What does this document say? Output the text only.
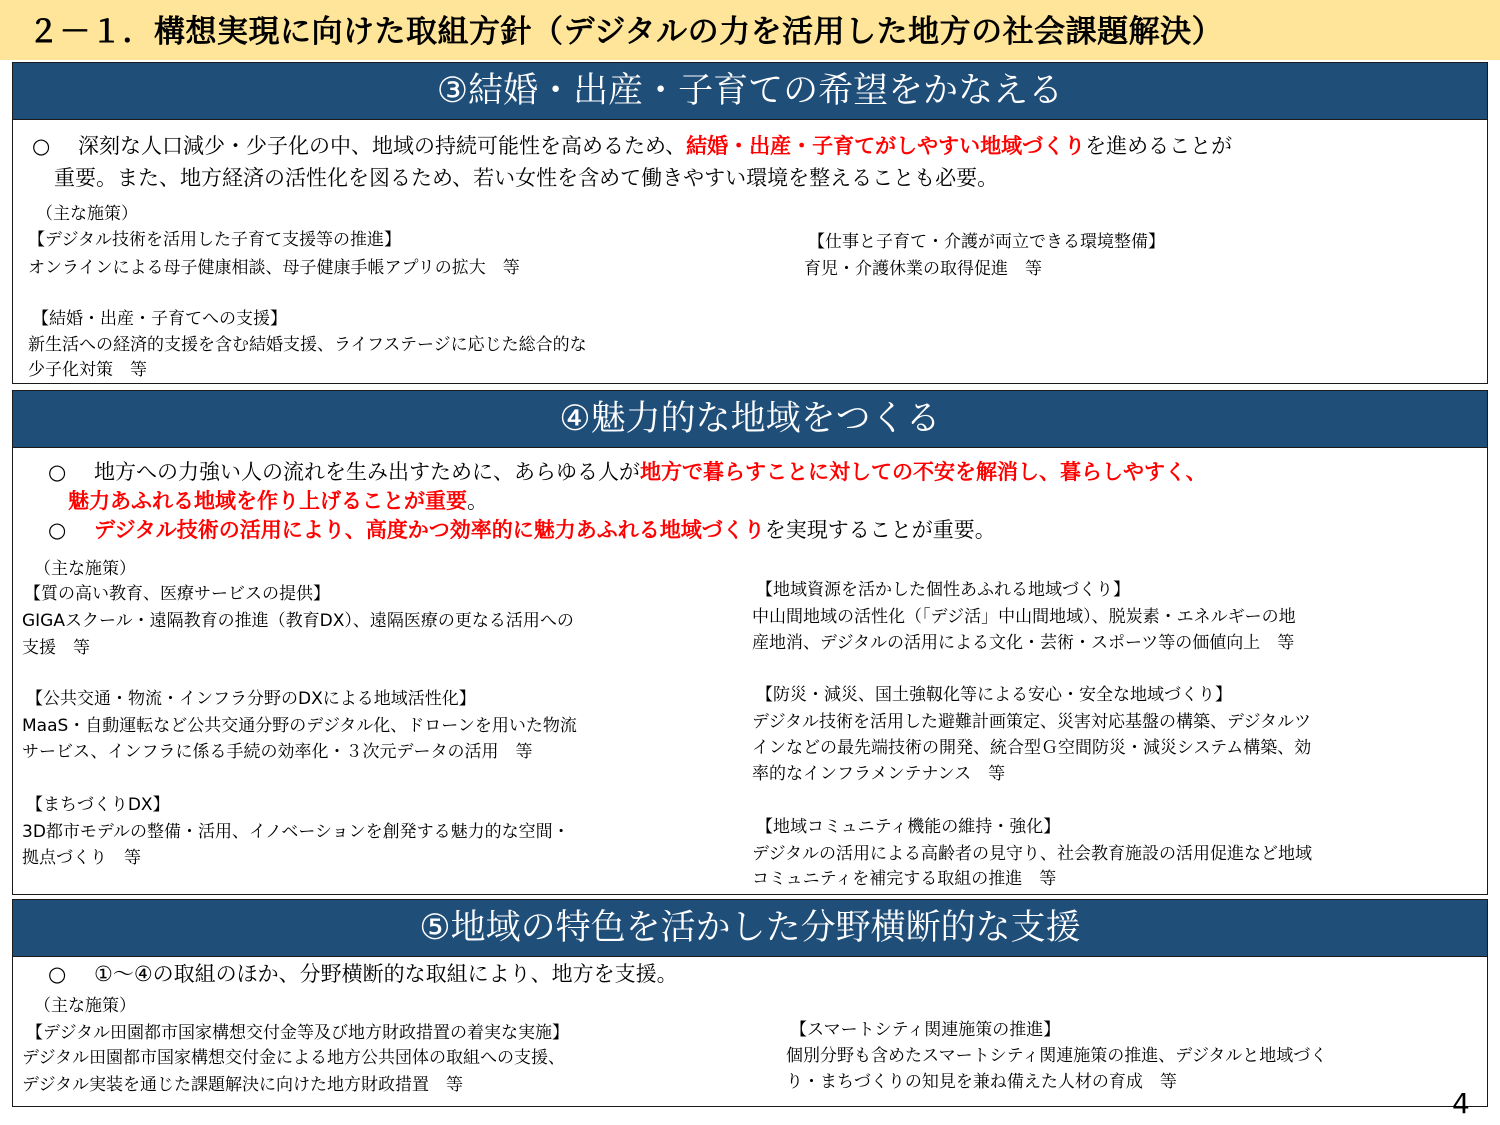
２－１．構想実現に向けた取組方針（デジタルの力を活用した地方の社会課題解決）
③結婚・出産・子育ての希望をかなえる
○ 深刻な人口減少・少子化の中、地域の持続可能性を高めるため、結婚・出産・子育てがしやすい地域づくりを進めることが
重要。また、地方経済の活性化を図るため、若い女性を含めて働きやすい環境を整えることも必要。
（主な施策）
【デジタル技術を活用した子育て支援等の推進】
オンラインによる母子健康相談、母子健康手帳アプリの拡大　等
【仕事と子育て・介護が両立できる環境整備】
育児・介護休業の取得促進　等
【結婚・出産・子育てへの支援】
新生活への経済的支援を含む結婚支援、ライフステージに応じた総合的な
少子化対策　等
④魅力的な地域をつくる
○ 地方への力強い人の流れを生み出すために、あらゆる人が地方で暮らすことに対しての不安を解消し、暮らしやすく、
魅力あふれる地域を作り上げることが重要。
○ デジタル技術の活用により、高度かつ効率的に魅力あふれる地域づくりを実現することが重要。
（主な施策）
【質の高い教育、医療サービスの提供】
GIGAスクール・遠隔教育の推進（教育DX）、遠隔医療の更なる活用への
支援　等
【地域資源を活かした個性あふれる地域づくり】
中山間地域の活性化（「デジ活」中山間地域）、脱炭素・エネルギーの地
産地消、デジタルの活用による文化・芸術・スポーツ等の価値向上　等
【公共交通・物流・インフラ分野のDXによる地域活性化】
MaaS・自動運転など公共交通分野のデジタル化、ドローンを用いた物流
サービス、インフラに係る手続の効率化・３次元データの活用　等
【防災・減災、国土強靱化等による安心・安全な地域づくり】
デジタル技術を活用した避難計画策定、災害対応基盤の構築、デジタルツ
インなどの最先端技術の開発、統合型Ｇ空間防災・減災システム構築、効
率的なインフラメンテナンス　等
【まちづくりDX】
3D都市モデルの整備・活用、イノベーションを創発する魅力的な空間・
拠点づくり　等
【地域コミュニティ機能の維持・強化】
デジタルの活用による高齢者の見守り、社会教育施設の活用促進など地域
コミュニティを補完する取組の推進　等
⑤地域の特色を活かした分野横断的な支援
○ ①～④の取組のほか、分野横断的な取組により、地方を支援。
（主な施策）
【デジタル田園都市国家構想交付金等及び地方財政措置の着実な実施】
デジタル田園都市国家構想交付金による地方公共団体の取組への支援、
デジタル実装を通じた課題解決に向けた地方財政措置　等
【スマートシティ関連施策の推進】
個別分野も含めたスマートシティ関連施策の推進、デジタルと地域づく
り・まちづくりの知見を兼ね備えた人材の育成　等
4
